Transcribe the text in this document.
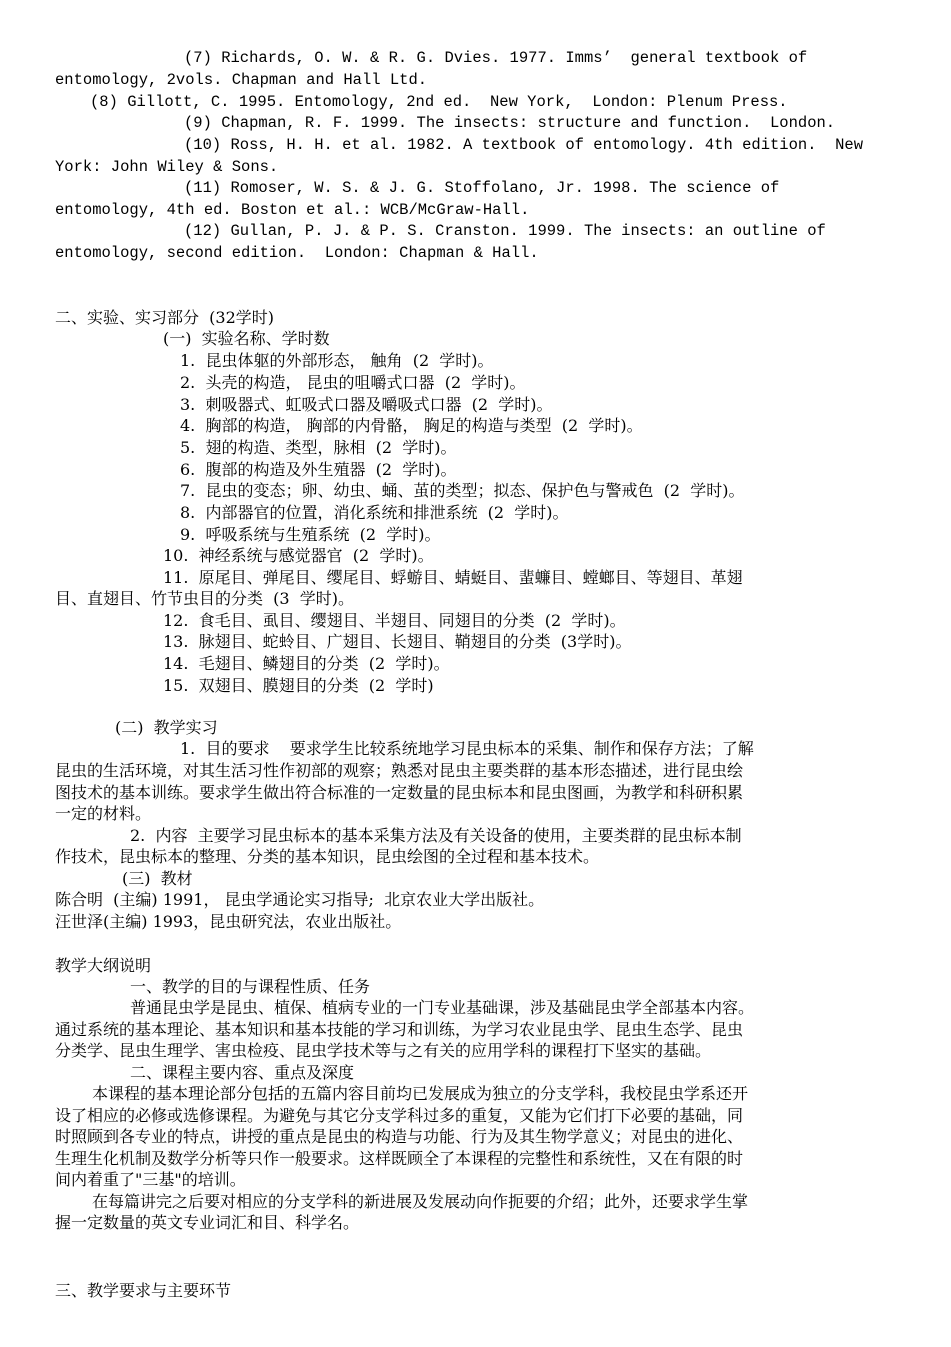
(7) Richards, O. W. & R. G. Dvies. 1977. Imms’  general textbook of
entomology, 2vols. Chapman and Hall Ltd.
(8) Gillott, C. 1995. Entomology, 2nd ed.  New York,  London: Plenum Press.
(9) Chapman, R. F. 1999. The insects: structure and function.  London.
(10) Ross, H. H. et al. 1982. A textbook of entomology. 4th edition.  New
York: John Wiley & Sons.
(11) Romoser, W. S. & J. G. Stoffolano, Jr. 1998. The science of
entomology, 4th ed. Boston et al.: WCB/McGraw-Hall.
(12) Gullan, P. J. & P. S. Cranston. 1999. The insects: an outline of
entomology, second edition.  London: Chapman & Hall.
二、实验、实习部分  (32学时)
(一)  实验名称、学时数
1.  昆虫体躯的外部形态， 触角  (2  学时)。
2.  头壳的构造， 昆虫的咀嚼式口器  (2  学时)。
3.  刺吸器式、虹吸式口器及嚼吸式口器  (2  学时)。
4.  胸部的构造， 胸部的内骨骼， 胸足的构造与类型  (2  学时)。
5.  翅的构造、类型，脉相  (2  学时)。
6.  腹部的构造及外生殖器  (2  学时)。
7.  昆虫的变态；卵、幼虫、蛹、茧的类型；拟态、保护色与警戒色  (2  学时)。
8.  内部器官的位置，消化系统和排泄系统  (2  学时)。
9.  呼吸系统与生殖系统  (2  学时)。
10.  神经系统与感觉器官  (2  学时)。
11.  原尾目、弹尾目、缨尾目、蜉蝣目、蜻蜓目、蜚蠊目、螳螂目、等翅目、革翅
目、直翅目、竹节虫目的分类  (3  学时)。
12.  食毛目、虱目、缨翅目、半翅目、同翅目的分类  (2  学时)。
13.  脉翅目、蛇蛉目、广翅目、长翅目、鞘翅目的分类  (3学时)。
14.  毛翅目、鳞翅目的分类  (2  学时)。
15.  双翅目、膜翅目的分类  (2  学时)
(二)  教学实习
1.  目的要求    要求学生比较系统地学习昆虫标本的采集、制作和保存方法；了解
昆虫的生活环境，对其生活习性作初部的观察；熟悉对昆虫主要类群的基本形态描述，进行昆虫绘
图技术的基本训练。要求学生做出符合标准的一定数量的昆虫标本和昆虫图画，为教学和科研积累
一定的材料。
2.  内容  主要学习昆虫标本的基本采集方法及有关设备的使用，主要类群的昆虫标本制
作技术，昆虫标本的整理、分类的基本知识，昆虫绘图的全过程和基本技术。
(三)  教材
陈合明  (主编) 1991， 昆虫学通论实习指导;  北京农业大学出版社。
汪世泽(主编) 1993，昆虫研究法，农业出版社。
教学大纲说明
一、教学的目的与课程性质、任务
普通昆虫学是昆虫、植保、植病专业的一门专业基础课，涉及基础昆虫学全部基本内容。
通过系统的基本理论、基本知识和基本技能的学习和训练，为学习农业昆虫学、昆虫生态学、昆虫
分类学、昆虫生理学、害虫检疫、昆虫学技术等与之有关的应用学科的课程打下坚实的基础。
二、课程主要内容、重点及深度
本课程的基本理论部分包括的五篇内容目前均已发展成为独立的分支学科，我校昆虫学系还开
设了相应的必修或选修课程。为避免与其它分支学科过多的重复，又能为它们打下必要的基础，同
时照顾到各专业的特点，讲授的重点是昆虫的构造与功能、行为及其生物学意义；对昆虫的进化、
生理生化机制及数学分析等只作一般要求。这样既顾全了本课程的完整性和系统性，又在有限的时
间内着重了"三基"的培训。
在每篇讲完之后要对相应的分支学科的新进展及发展动向作扼要的介绍；此外，还要求学生掌
握一定数量的英文专业词汇和目、科学名。
三、教学要求与主要环节
